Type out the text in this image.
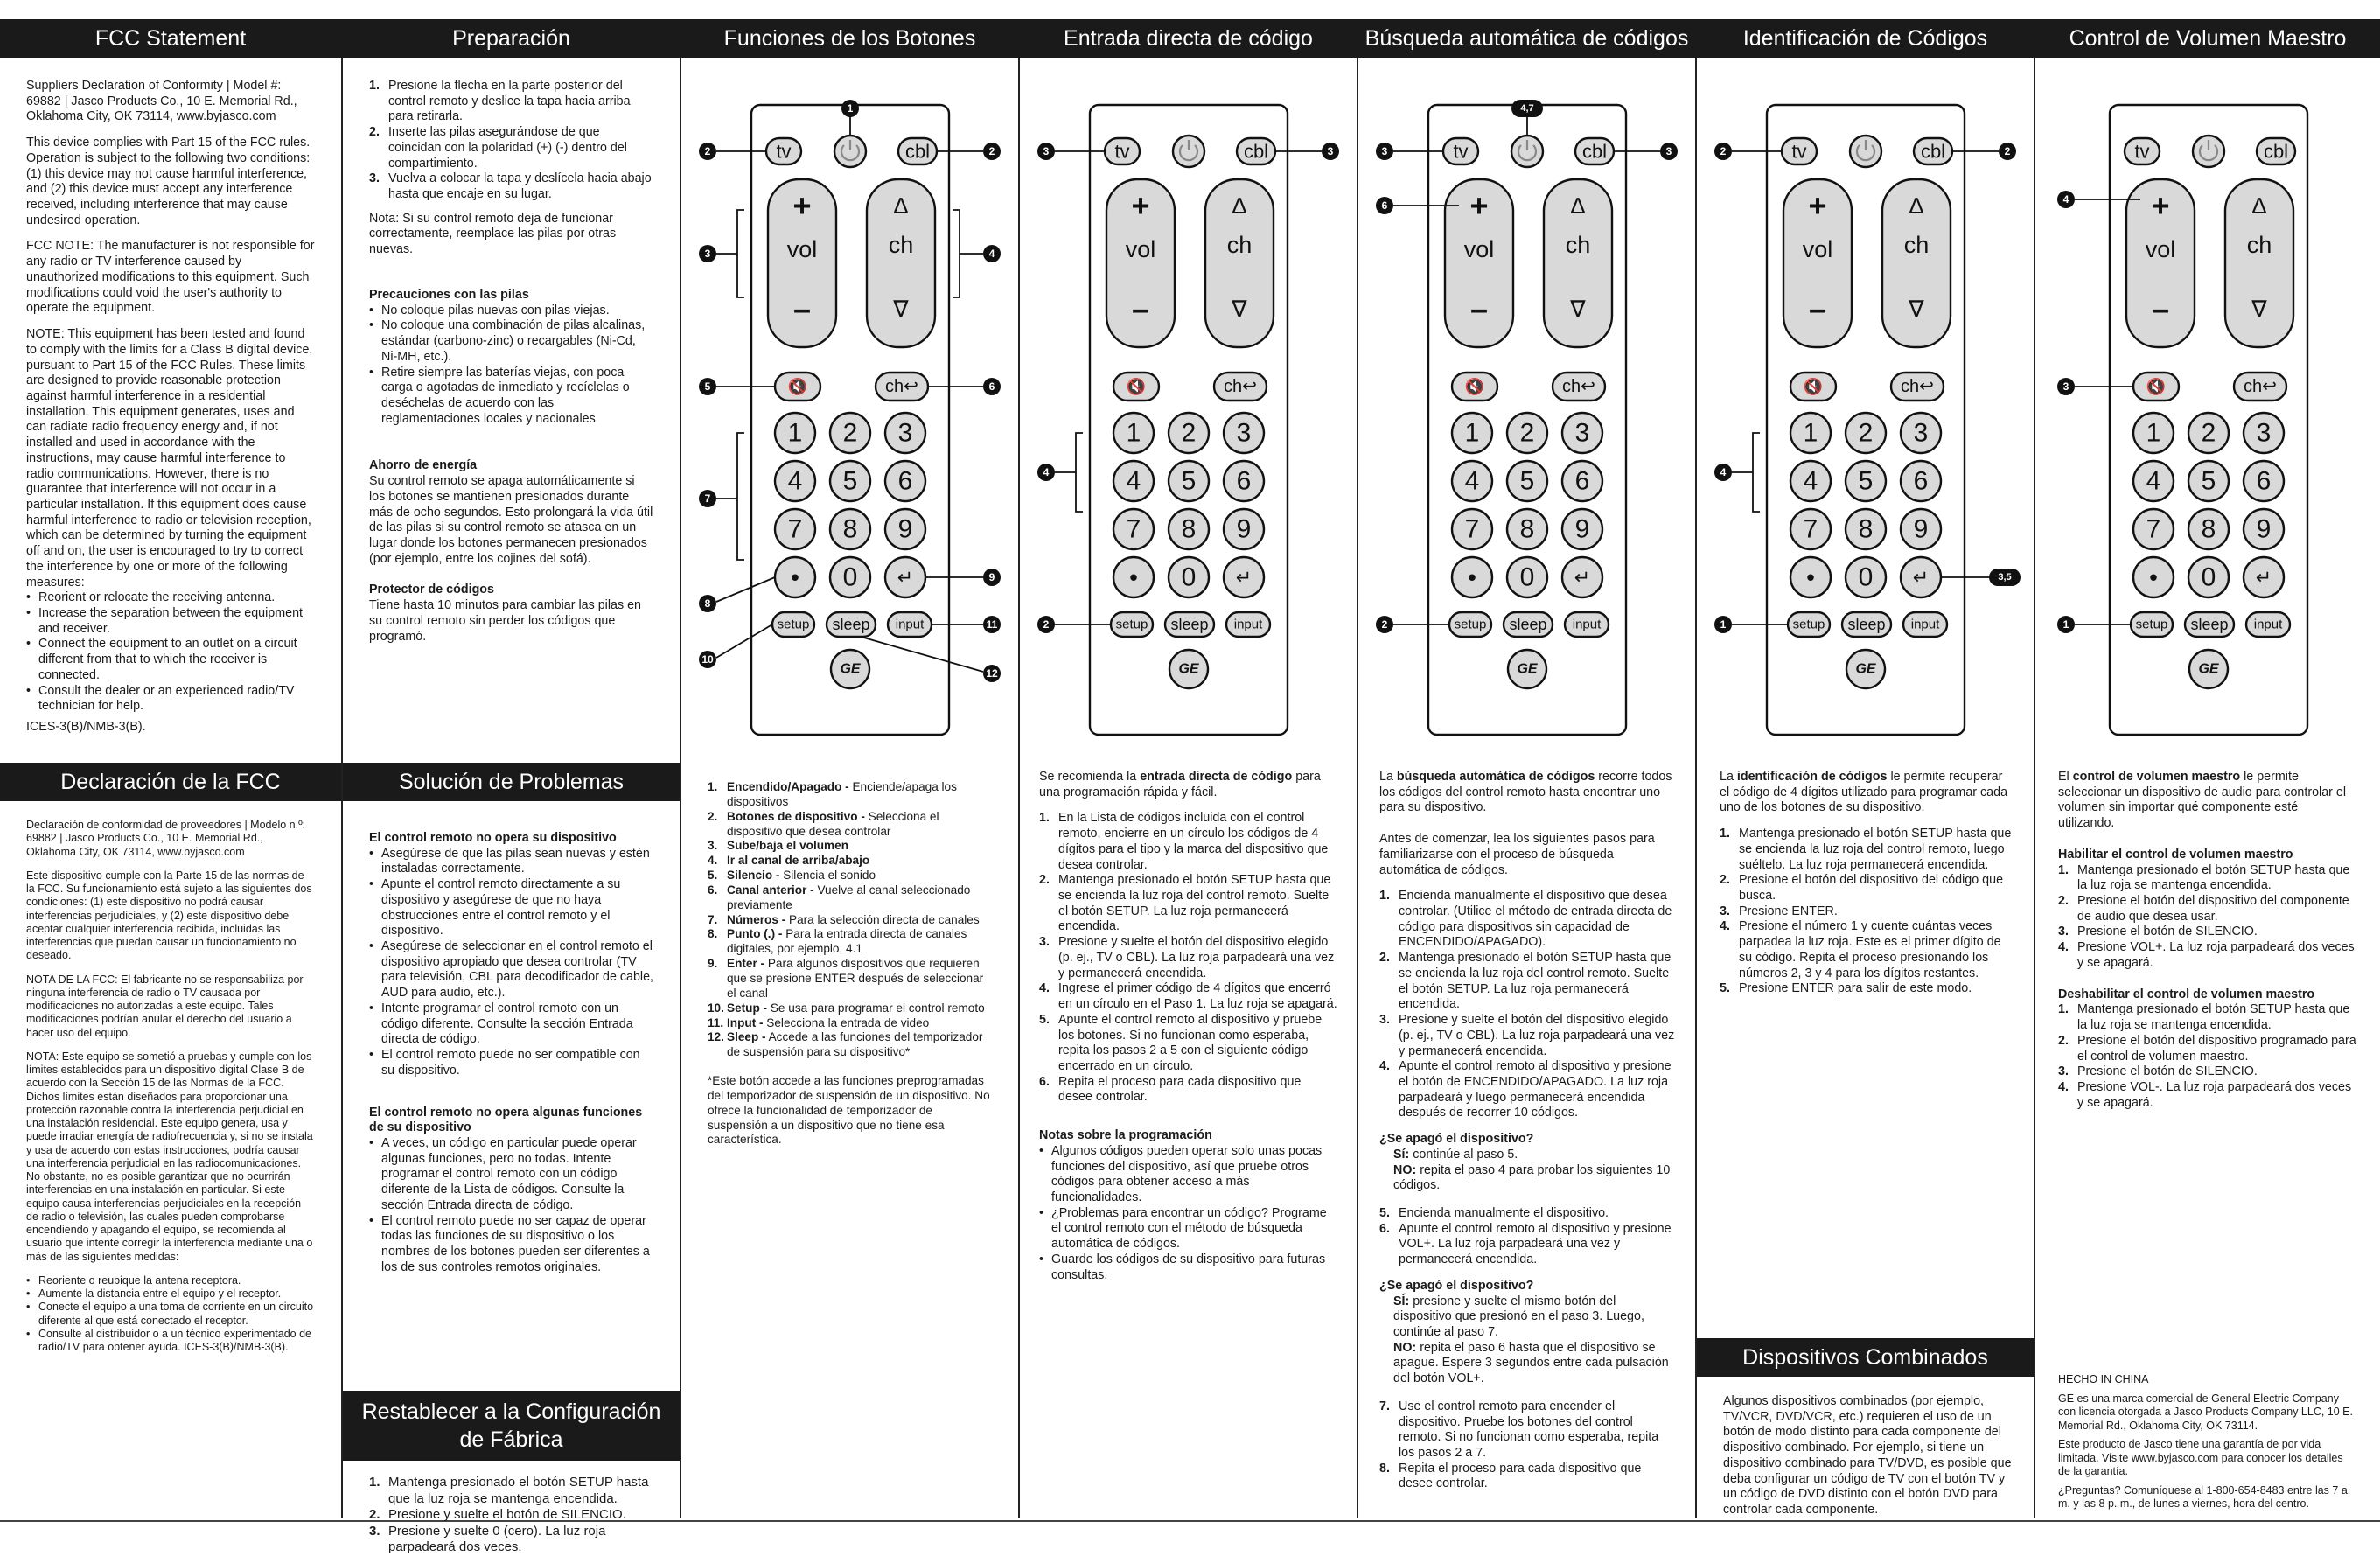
FCC Statement

Suppliers Declaration of Conformity | Model #: 69882 | Jasco Products Co., 10 E. Memorial Rd., Oklahoma City, OK 73114, www.byjasco.com

This device complies with Part 15 of the FCC rules. Operation is subject to the following two conditions: (1) this device may not cause harmful interference, and (2) this device must accept any interference received, including interference that may cause undesired operation.

FCC NOTE: The manufacturer is not responsible for any radio or TV interference caused by unauthorized modifications to this equipment. Such modifications could void the user's authority to operate the equipment.

NOTE: This equipment has been tested and found to comply with the limits for a Class B digital device, pursuant to Part 15 of the FCC Rules. These limits are designed to provide reasonable protection against harmful interference in a residential installation. This equipment generates, uses and can radiate radio frequency energy and, if not installed and used in accordance with the instructions, may cause harmful interference to radio communications. However, there is no guarantee that interference will not occur in a particular installation. If this equipment does cause harmful interference to radio or television reception, which can be determined by turning the equipment off and on, the user is encouraged to try to correct the interference by one or more of the following measures:

• Reorient or relocate the receiving antenna.
• Increase the separation between the equipment and receiver.
• Connect the equipment to an outlet on a circuit different from that to which the receiver is connected.
• Consult the dealer or an experienced radio/TV technician for help.

ICES-3(B)/NMB-3(B).

Declaración de la FCC

Declaración de conformidad de proveedores | Modelo n.º: 69882 | Jasco Products Co., 10 E. Memorial Rd., Oklahoma City, OK 73114, www.byjasco.com

Este dispositivo cumple con la Parte 15 de las normas de la FCC. Su funcionamiento está sujeto a las siguientes dos condiciones: (1) este dispositivo no podrá causar interferencias perjudiciales, y (2) este dispositivo debe aceptar cualquier interferencia recibida, incluidas las interferencias que puedan causar un funcionamiento no deseado.

NOTA DE LA FCC: El fabricante no se responsabiliza por ninguna interferencia de radio o TV causada por modificaciones no autorizadas a este equipo. Tales modificaciones podrían anular el derecho del usuario a hacer uso del equipo.

NOTA: Este equipo se sometió a pruebas y cumple con los límites establecidos para un dispositivo digital Clase B de acuerdo con la Sección 15 de las Normas de la FCC. Dichos límites están diseñados para proporcionar una protección razonable contra la interferencia perjudicial en una instalación residencial. Este equipo genera, usa y puede irradiar energía de radiofrecuencia y, si no se instala y usa de acuerdo con estas instrucciones, podría causar una interferencia perjudicial en las radiocomunicaciones. No obstante, no es posible garantizar que no ocurrirán interferencias en una instalación en particular. Si este equipo causa interferencias perjudiciales en la recepción de radio o televisión, las cuales pueden comprobarse encendiendo y apagando el equipo, se recomienda al usuario que intente corregir la interferencia mediante una o más de las siguientes medidas:

• Reoriente o reubique la antena receptora.
• Aumente la distancia entre el equipo y el receptor.
• Conecte el equipo a una toma de corriente en un circuito diferente al que está conectado el receptor.
• Consulte al distribuidor o a un técnico experimentado de radio/TV para obtener ayuda. ICES-3(B)/NMB-3(B).
Preparación
1. Presione la flecha en la parte posterior del control remoto y deslice la tapa hacia arriba para retirarla.
2. Inserte las pilas asegurándose de que coincidan con la polaridad (+) (-) dentro del compartimiento.
3. Vuelva a colocar la tapa y deslícela hacia abajo hasta que encaje en su lugar.

Nota: Si su control remoto deja de funcionar correctamente, reemplace las pilas por otras nuevas.

Precauciones con las pilas
• No coloque pilas nuevas con pilas viejas.
• No coloque una combinación de pilas alcalinas, estándar (carbono-zinc) o recargables (Ni-Cd, Ni-MH, etc.).
• Retire siempre las baterías viejas, con poca carga o agotadas de inmediato y recíclelas o deséchelas de acuerdo con las reglamentaciones locales y nacionales
Ahorro de energía

Su control remoto se apaga automáticamente si los botones se mantienen presionados durante más de ocho segundos. Esto prolongará la vida útil de las pilas si su control remoto se atasca en un lugar donde los botones permanecen presionados (por ejemplo, entre los cojines del sofá).

Protector de códigos

Tiene hasta 10 minutos para cambiar las pilas en su control remoto sin perder los códigos que programó.

Solución de Problemas
El control remoto no opera su dispositivo
• Asegúrese de que las pilas sean nuevas y estén instaladas correctamente.
• Apunte el control remoto directamente a su dispositivo y asegúrese de que no haya obstrucciones entre el control remoto y el dispositivo.
• Asegúrese de seleccionar en el control remoto el dispositivo apropiado que desea controlar (TV para televisión, CBL para decodificador de cable, AUD para audio, etc.).
• Intente programar el control remoto con un código diferente. Consulte la sección Entrada directa de código.
• El control remoto puede no ser compatible con su dispositivo.
El control remoto no opera algunas funciones de su dispositivo
• A veces, un código en particular puede operar algunas funciones, pero no todas. Intente programar el control remoto con un código diferente de la Lista de códigos. Consulte la sección Entrada directa de código.
• El control remoto puede no ser capaz de operar todas las funciones de su dispositivo o los nombres de los botones pueden ser diferentes a los de sus controles remotos originales.
Restablecer a la Configuración de Fábrica
1. Mantenga presionado el botón SETUP hasta que la luz roja se mantenga encendida.
2. Presione y suelte el botón de SILENCIO.
3. Presione y suelte 0 (cero). La luz roja parpadeará dos veces.
Funciones de los Botones
tv	cbl
+
vol
–
∆
ch
∇
🔇	ch↩
1 2 3
4 5 6
7 8 9
• 0 ↵
setup sleep input
GE
1
2	2
3	4
5	6
7
8
9
10
11
12
1. Encendido/Apagado - Enciende/apaga los dispositivos
2. Botones de dispositivo - Selecciona el dispositivo que desea controlar
3. Sube/baja el volumen
4. Ir al canal de arriba/abajo
5. Silencio - Silencia el sonido
6. Canal anterior - Vuelve al canal seleccionado previamente
7. Números - Para la selección directa de canales
8. Punto (.) - Para la entrada directa de canales digitales, por ejemplo, 4.1
9. Enter - Para algunos dispositivos que requieren que se presione ENTER después de seleccionar el canal
10. Setup - Se usa para programar el control remoto
11. Input - Selecciona la entrada de video
12. Sleep - Accede a las funciones del temporizador de suspensión para su dispositivo*

*Este botón accede a las funciones preprogramadas del temporizador de suspensión de un dispositivo. No ofrece la funcionalidad de temporizador de suspensión a un dispositivo que no tiene esa característica.

Entrada directa de código
tv	cbl
+
vol
–
∆
ch
∇
🔇	ch↩
1 2 3
4 5 6
7 8 9
• 0 ↵
setup sleep input
GE
3	3
4
2

Se recomienda la entrada directa de código para una programación rápida y fácil.

1. En la Lista de códigos incluida con el control remoto, encierre en un círculo los códigos de 4 dígitos para el tipo y la marca del dispositivo que desea controlar.
2. Mantenga presionado el botón SETUP hasta que se encienda la luz roja del control remoto. Suelte el botón SETUP. La luz roja permanecerá encendida.
3. Presione y suelte el botón del dispositivo elegido (p. ej., TV o CBL). La luz roja parpadeará una vez y permanecerá encendida.
4. Ingrese el primer código de 4 dígitos que encerró en un círculo en el Paso 1. La luz roja se apagará.
5. Apunte el control remoto al dispositivo y pruebe los botones. Si no funcionan como esperaba, repita los pasos 2 a 5 con el siguiente código encerrado en un círculo.
6. Repita el proceso para cada dispositivo que desee controlar.
Notas sobre la programación
• Algunos códigos pueden operar solo unas pocas funciones del dispositivo, así que pruebe otros códigos para obtener acceso a más funcionalidades.
• ¿Problemas para encontrar un código? Programe el control remoto con el método de búsqueda automática de códigos.
• Guarde los códigos de su dispositivo para futuras consultas.
Búsqueda automática de códigos
tv	cbl
+
vol
–
∆
ch
∇
🔇	ch↩
1 2 3
4 5 6
7 8 9
• 0 ↵
setup sleep input
GE
4,7
3	3
6
2

La búsqueda automática de códigos recorre todos los códigos del control remoto hasta encontrar uno para su dispositivo.

Antes de comenzar, lea los siguientes pasos para familiarizarse con el proceso de búsqueda automática de códigos.

1. Encienda manualmente el dispositivo que desea controlar. (Utilice el método de entrada directa de código para dispositivos sin capacidad de ENCENDIDO/APAGADO).
2. Mantenga presionado el botón SETUP hasta que se encienda la luz roja del control remoto. Suelte el botón SETUP. La luz roja permanecerá encendida.
3. Presione y suelte el botón del dispositivo elegido (p. ej., TV o CBL). La luz roja parpadeará una vez y permanecerá encendida.
4. Apunte el control remoto al dispositivo y presione el botón de ENCENDIDO/APAGADO. La luz roja parpadeará y luego permanecerá encendida después de recorrer 10 códigos.
¿Se apagó el dispositivo?
Sí: continúe al paso 5.
NO: repita el paso 4 para probar los siguientes 10 códigos.
5. Encienda manualmente el dispositivo.
6. Apunte el control remoto al dispositivo y presione VOL+. La luz roja parpadeará una vez y permanecerá encendida.
¿Se apagó el dispositivo?
SÍ: presione y suelte el mismo botón del dispositivo que presionó en el paso 3. Luego, continúe al paso 7.
NO: repita el paso 6 hasta que el dispositivo se apague. Espere 3 segundos entre cada pulsación del botón VOL+.
7. Use el control remoto para encender el dispositivo. Pruebe los botones del control remoto. Si no funcionan como esperaba, repita los pasos 2 a 7.
8. Repita el proceso para cada dispositivo que desee controlar.
Identificación de Códigos
tv	cbl
+
vol
–
∆
ch
∇
🔇	ch↩
1 2 3
4 5 6
7 8 9
• 0 ↵
setup sleep input
GE
2	2
4
3,5
1

La identificación de códigos le permite recuperar el código de 4 dígitos utilizado para programar cada uno de los botones de su dispositivo.

1. Mantenga presionado el botón SETUP hasta que se encienda la luz roja del control remoto, luego suéltelo. La luz roja permanecerá encendida.
2. Presione el botón del dispositivo del código que busca.
3. Presione ENTER.
4. Presione el número 1 y cuente cuántas veces parpadea la luz roja. Este es el primer dígito de su código. Repita el proceso presionando los números 2, 3 y 4 para los dígitos restantes.
5. Presione ENTER para salir de este modo.
Dispositivos Combinados

Algunos dispositivos combinados (por ejemplo, TV/VCR, DVD/VCR, etc.) requieren el uso de un botón de modo distinto para cada componente del dispositivo combinado. Por ejemplo, si tiene un dispositivo combinado para TV/DVD, es posible que deba configurar un código de TV con el botón TV y un código de DVD distinto con el botón DVD para controlar cada componente.

Control de Volumen Maestro
tv	cbl
+
vol
–
∆
ch
∇
🔇	ch↩
1 2 3
4 5 6
7 8 9
• 0 ↵
setup sleep input
GE
4
3
1

El control de volumen maestro le permite seleccionar un dispositivo de audio para controlar el volumen sin importar qué componente esté utilizando.

Habilitar el control de volumen maestro
1. Mantenga presionado el botón SETUP hasta que la luz roja se mantenga encendida.
2. Presione el botón del dispositivo del componente de audio que desea usar.
3. Presione el botón de SILENCIO.
4. Presione VOL+. La luz roja parpadeará dos veces y se apagará.
Deshabilitar el control de volumen maestro
1. Mantenga presionado el botón SETUP hasta que la luz roja se mantenga encendida.
2. Presione el botón del dispositivo programado para el control de volumen maestro.
3. Presione el botón de SILENCIO.
4. Presione VOL-. La luz roja parpadeará dos veces y se apagará.

HECHO IN CHINA

GE es una marca comercial de General Electric Company con licencia otorgada a Jasco Products Company LLC, 10 E. Memorial Rd., Oklahoma City, OK 73114.

Este producto de Jasco tiene una garantía de por vida limitada. Visite www.byjasco.com para conocer los detalles de la garantía.

¿Preguntas? Comuníquese al 1-800-654-8483 entre las 7 a. m. y las 8 p. m., de lunes a viernes, hora del centro.
